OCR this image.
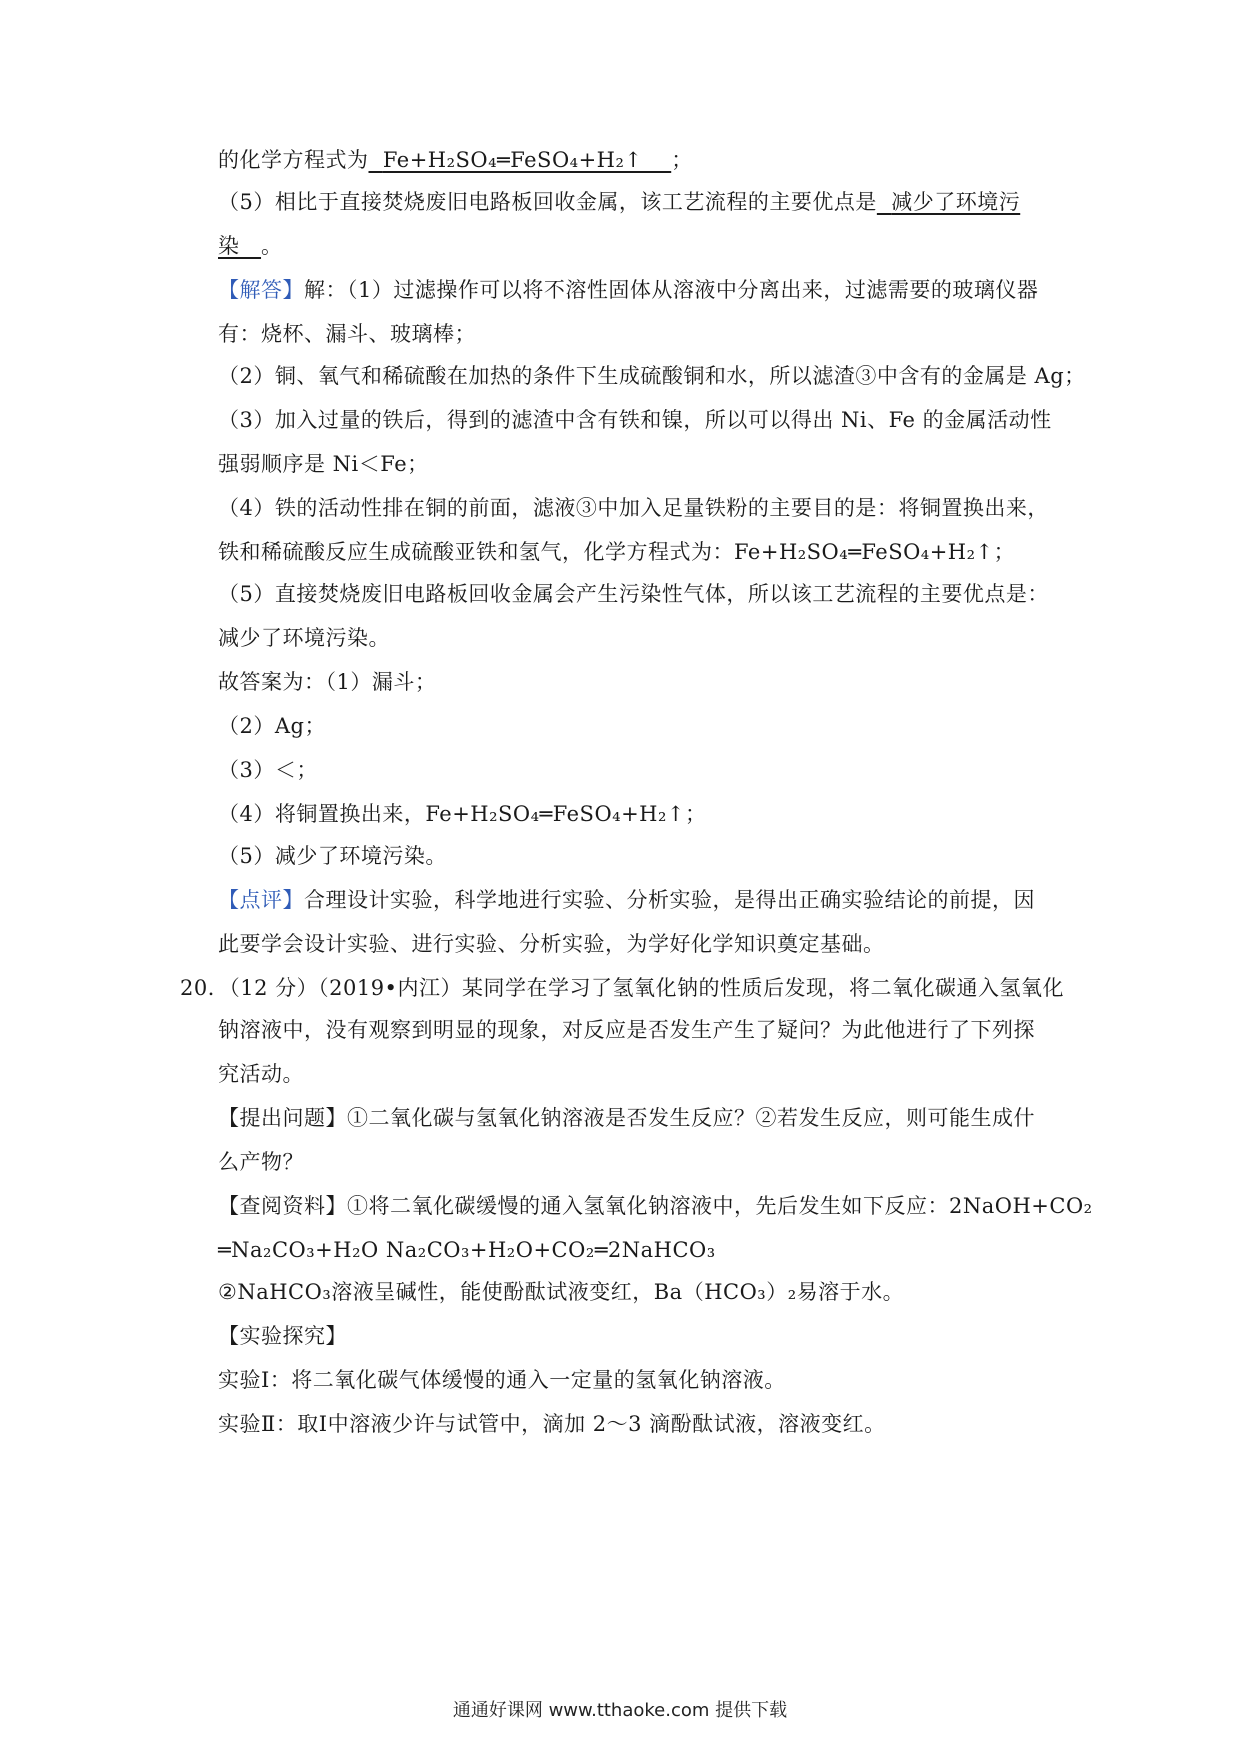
的化学方程式为 Fe+H₂SO₄═FeSO₄+H₂↑ ；
（5）相比于直接焚烧废旧电路板回收金属，该工艺流程的主要优点是 减少了环境污
染 。
【解答】解：（1）过滤操作可以将不溶性固体从溶液中分离出来，过滤需要的玻璃仪器
有：烧杯、漏斗、玻璃棒；
（2）铜、氧气和稀硫酸在加热的条件下生成硫酸铜和水，所以滤渣③中含有的金属是 Ag；
（3）加入过量的铁后，得到的滤渣中含有铁和镍，所以可以得出 Ni、Fe 的金属活动性
强弱顺序是 Ni＜Fe；
（4）铁的活动性排在铜的前面，滤液③中加入足量铁粉的主要目的是：将铜置换出来，
铁和稀硫酸反应生成硫酸亚铁和氢气，化学方程式为：Fe+H₂SO₄═FeSO₄+H₂↑；
（5）直接焚烧废旧电路板回收金属会产生污染性气体，所以该工艺流程的主要优点是：
减少了环境污染。
故答案为：（1）漏斗；
（2）Ag；
（3）＜；
（4）将铜置换出来，Fe+H₂SO₄═FeSO₄+H₂↑；
（5）减少了环境污染。
【点评】合理设计实验，科学地进行实验、分析实验，是得出正确实验结论的前提，因
此要学会设计实验、进行实验、分析实验，为学好化学知识奠定基础。
20．（12 分）（2019•内江）某同学在学习了氢氧化钠的性质后发现，将二氧化碳通入氢氧化
钠溶液中，没有观察到明显的现象，对反应是否发生产生了疑问？为此他进行了下列探
究活动。
【提出问题】①二氧化碳与氢氧化钠溶液是否发生反应？②若发生反应，则可能生成什
么产物？
【查阅资料】①将二氧化碳缓慢的通入氢氧化钠溶液中，先后发生如下反应：2NaOH+CO₂
═Na₂CO₃+H₂O Na₂CO₃+H₂O+CO₂═2NaHCO₃
②NaHCO₃溶液呈碱性，能使酚酞试液变红，Ba（HCO₃）₂易溶于水。
【实验探究】
实验Ⅰ：将二氧化碳气体缓慢的通入一定量的氢氧化钠溶液。
实验Ⅱ：取Ⅰ中溶液少许与试管中，滴加 2～3 滴酚酞试液，溶液变红。
通通好课网 www.tthaoke.com 提供下载
